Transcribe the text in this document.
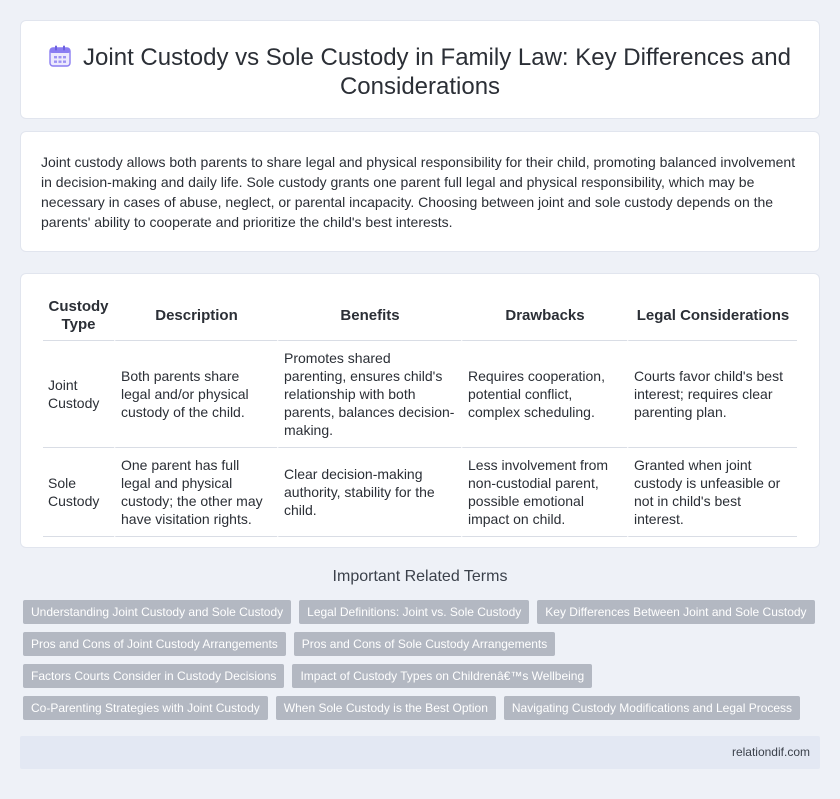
Joint Custody vs Sole Custody in Family Law: Key Differences and
Considerations

Joint custody allows both parents to share legal and physical responsibility for their child, promoting balanced involvement in decision-making and daily life. Sole custody grants one parent full legal and physical responsibility, which may be necessary in cases of abuse, neglect, or parental incapacity. Choosing between joint and sole custody depends on the parents' ability to cooperate and prioritize the child's best interests.

Custody Type	Description	Benefits	Drawbacks	Legal Considerations
Joint Custody	Both parents share legal and/or physical custody of the child.	Promotes shared parenting, ensures child's relationship with both parents, balances decision-making.	Requires cooperation, potential conflict, complex scheduling.	Courts favor child's best interest; requires clear parenting plan.
Sole Custody	One parent has full legal and physical custody; the other may have visitation rights.	Clear decision-making authority, stability for the child.	Less involvement from non-custodial parent, possible emotional impact on child.	Granted when joint custody is unfeasible or not in child's best interest.
Important Related Terms
Understanding Joint Custody and Sole Custody	Legal Definitions: Joint vs. Sole Custody	Key Differences Between Joint and Sole Custody
Pros and Cons of Joint Custody Arrangements	Pros and Cons of Sole Custody Arrangements
Factors Courts Consider in Custody Decisions	Impact of Custody Types on Childrenâ€™s Wellbeing
Co-Parenting Strategies with Joint Custody	When Sole Custody is the Best Option	Navigating Custody Modifications and Legal Process
relationdif.com
